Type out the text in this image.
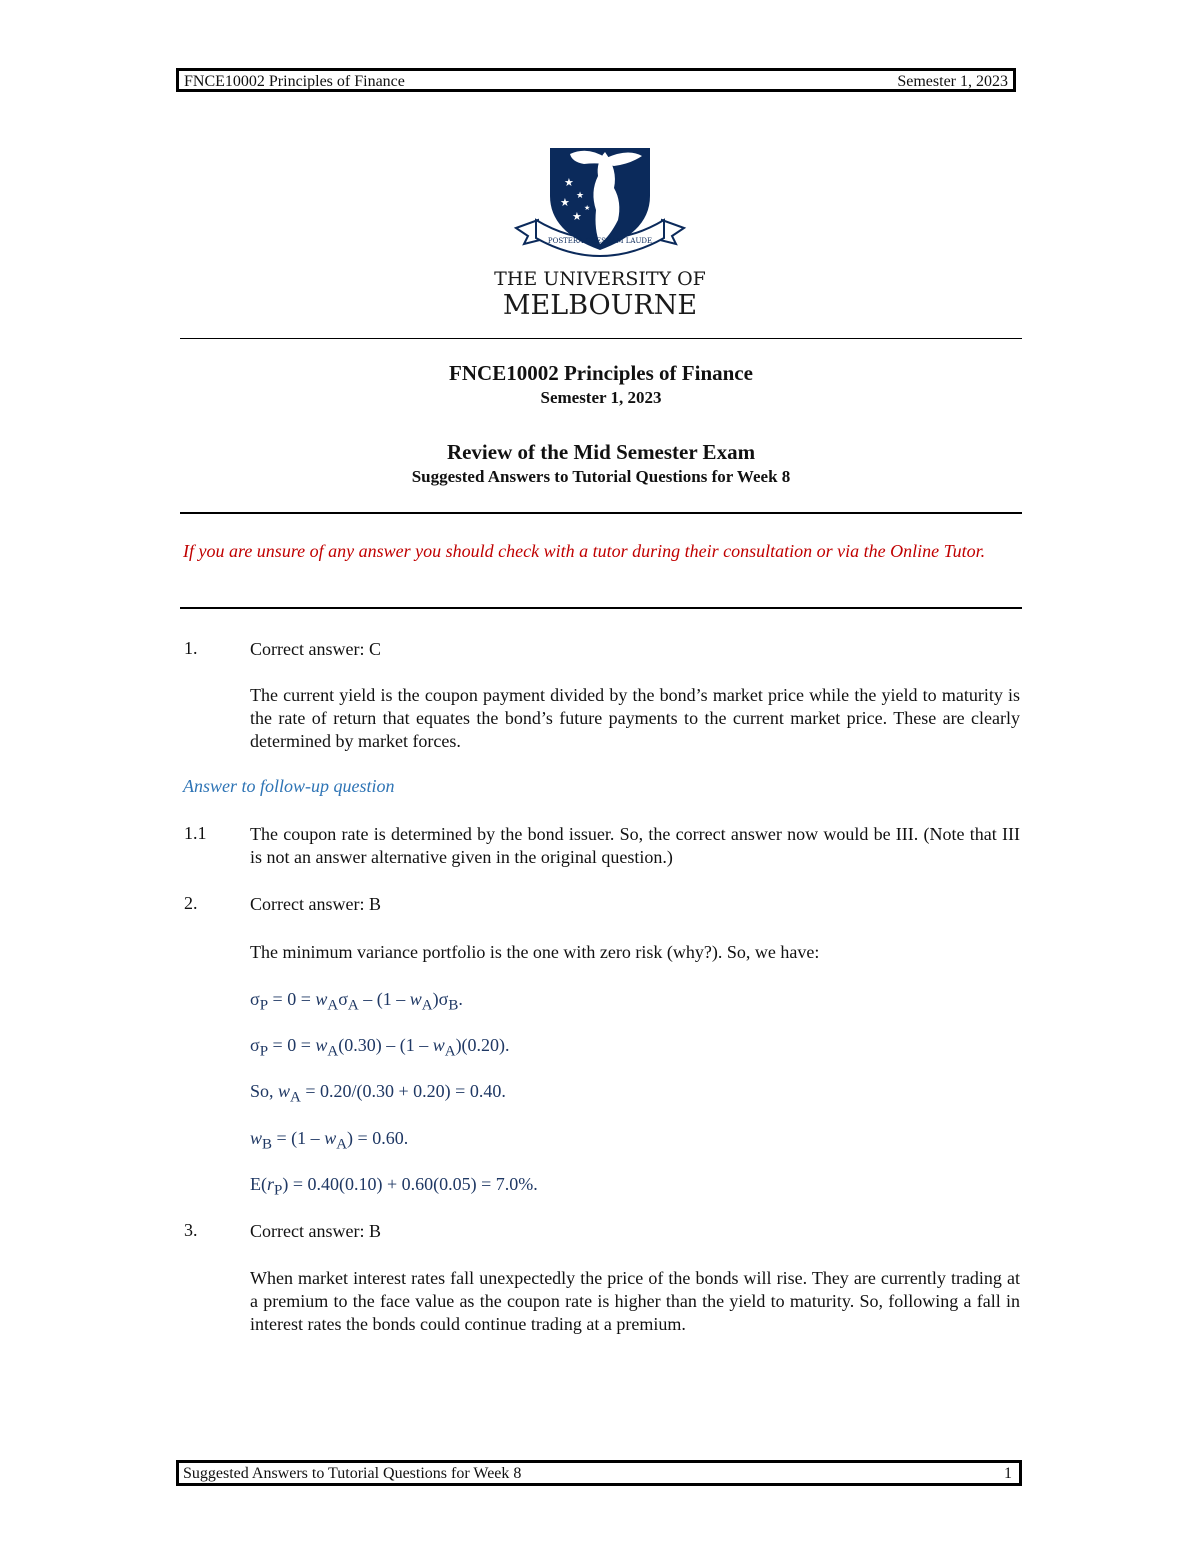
FNCE10002 Principles of Finance	Semester 1, 2023
★
★
★
★
★
POSTERA CRESCAM LAUDE
THE UNIVERSITY OF
MELBOURNE
FNCE10002 Principles of Finance
Semester 1, 2023
Review of the Mid Semester Exam
Suggested Answers to Tutorial Questions for Week 8
If you are unsure of any answer you should check with a tutor during their consultation or via the Online Tutor.
1.	Correct answer: C
The current yield is the coupon payment divided by the bond’s market price while the yield to maturity is the rate of return that equates the bond’s future payments to the current market price. These are clearly determined by market forces.
Answer to follow-up question
1.1 The coupon rate is determined by the bond issuer. So, the correct answer now would be III. (Note that III is not an answer alternative given in the original question.)
2.	Correct answer: B
The minimum variance portfolio is the one with zero risk (why?). So, we have:
$\sigma_P = 0 = w_A\sigma_A - (1 - w_A)\sigma_B$.
$\sigma_P = 0 = w_A(0.30) - (1 - w_A)(0.20)$.
So, $w_A = 0.20/(0.30 + 0.20) = 0.40$.
$w_B = (1 - w_A) = 0.60$.
$E(r_P) = 0.40(0.10) + 0.60(0.05) = 7.0\%$.
3.	Correct answer: B
When market interest rates fall unexpectedly the price of the bonds will rise. They are currently trading at a premium to the face value as the coupon rate is higher than the yield to maturity. So, following a fall in interest rates the bonds could continue trading at a premium.
Suggested Answers to Tutorial Questions for Week 8	1
